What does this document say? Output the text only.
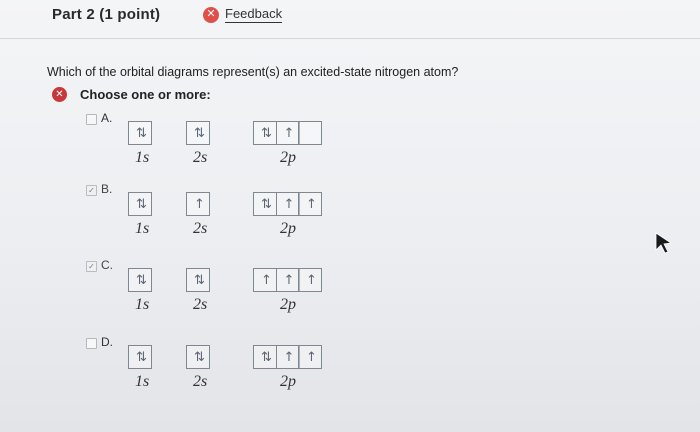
Part 2 (1 point)	✕ Feedback
Which of the orbital diagrams represent(s) an excited-state nitrogen atom?
✕ Choose one or more:
A.
⇅
1s
⇅
2s
⇅	↑
2p
✓ B.
⇅
1s
↑
2s
⇅	↑	↑
2p
✓ C.
⇅
1s
⇅
2s
↑	↑	↑
2p
D.
⇅
1s
⇅
2s
⇅	↑	↑
2p
